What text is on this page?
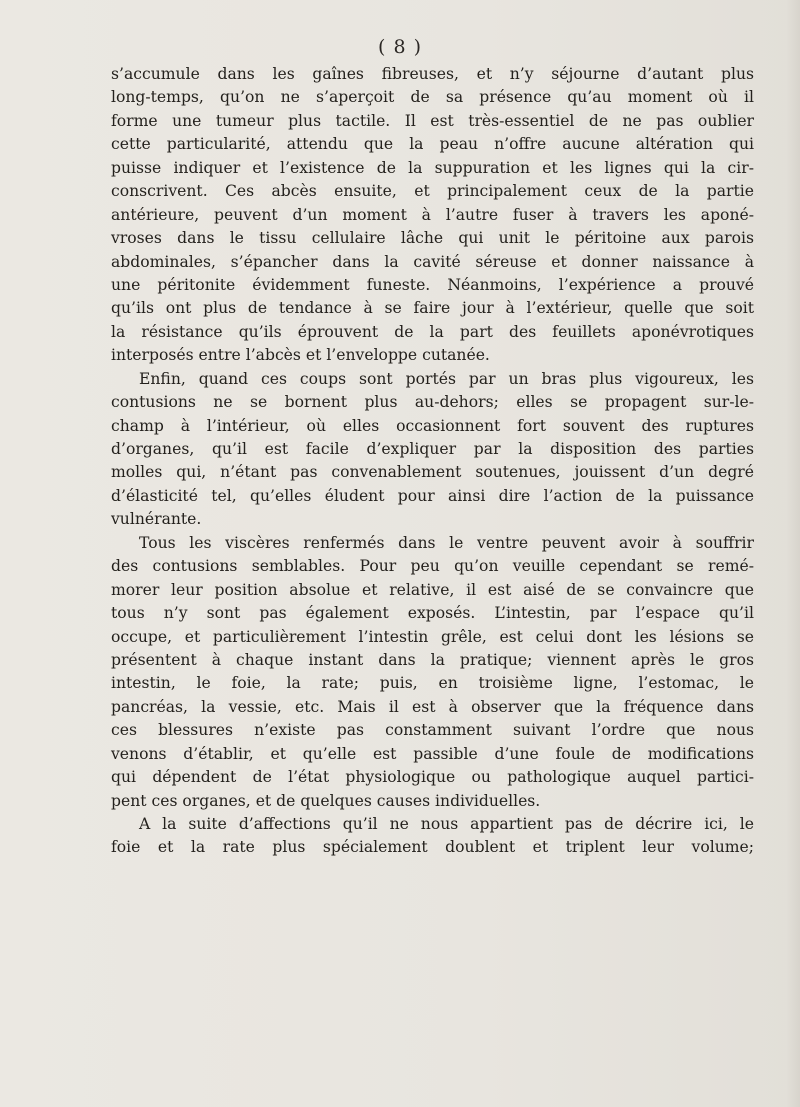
( 8 )
s’accumule dans les gaînes fibreuses, et n’y séjourne d’autant plus
long-temps, qu’on ne s’aperçoit de sa présence qu’au moment où il
forme une tumeur plus tactile. Il est très-essentiel de ne pas oublier
cette particularité, attendu que la peau n’offre aucune altération qui
puisse indiquer et l’existence de la suppuration et les lignes qui la cir-
conscrivent. Ces abcès ensuite, et principalement ceux de la partie
antérieure, peuvent d’un moment à l’autre fuser à travers les aponé-
vroses dans le tissu cellulaire lâche qui unit le péritoine aux parois
abdominales, s’épancher dans la cavité séreuse et donner naissance à
une péritonite évidemment funeste. Néanmoins, l’expérience a prouvé
qu’ils ont plus de tendance à se faire jour à l’extérieur, quelle que soit
la résistance qu’ils éprouvent de la part des feuillets aponévrotiques
interposés entre l’abcès et l’enveloppe cutanée.
Enfin, quand ces coups sont portés par un bras plus vigoureux, les
contusions ne se bornent plus au-dehors; elles se propagent sur-le-
champ à l’intérieur, où elles occasionnent fort souvent des ruptures
d’organes, qu’il est facile d’expliquer par la disposition des parties
molles qui, n’étant pas convenablement soutenues, jouissent d’un degré
d’élasticité tel, qu’elles éludent pour ainsi dire l’action de la puissance
vulnérante.
Tous les viscères renfermés dans le ventre peuvent avoir à souffrir
des contusions semblables. Pour peu qu’on veuille cependant se remé-
morer leur position absolue et relative, il est aisé de se convaincre que
tous n’y sont pas également exposés. L’intestin, par l’espace qu’il
occupe, et particulièrement l’intestin grêle, est celui dont les lésions se
présentent à chaque instant dans la pratique; viennent après le gros
intestin, le foie, la rate; puis, en troisième ligne, l’estomac, le
pancréas, la vessie, etc. Mais il est à observer que la fréquence dans
ces blessures n’existe pas constamment suivant l’ordre que nous
venons d’établir, et qu’elle est passible d’une foule de modifications
qui dépendent de l’état physiologique ou pathologique auquel partici-
pent ces organes, et de quelques causes individuelles.
A la suite d’affections qu’il ne nous appartient pas de décrire ici, le
foie et la rate plus spécialement doublent et triplent leur volume;
